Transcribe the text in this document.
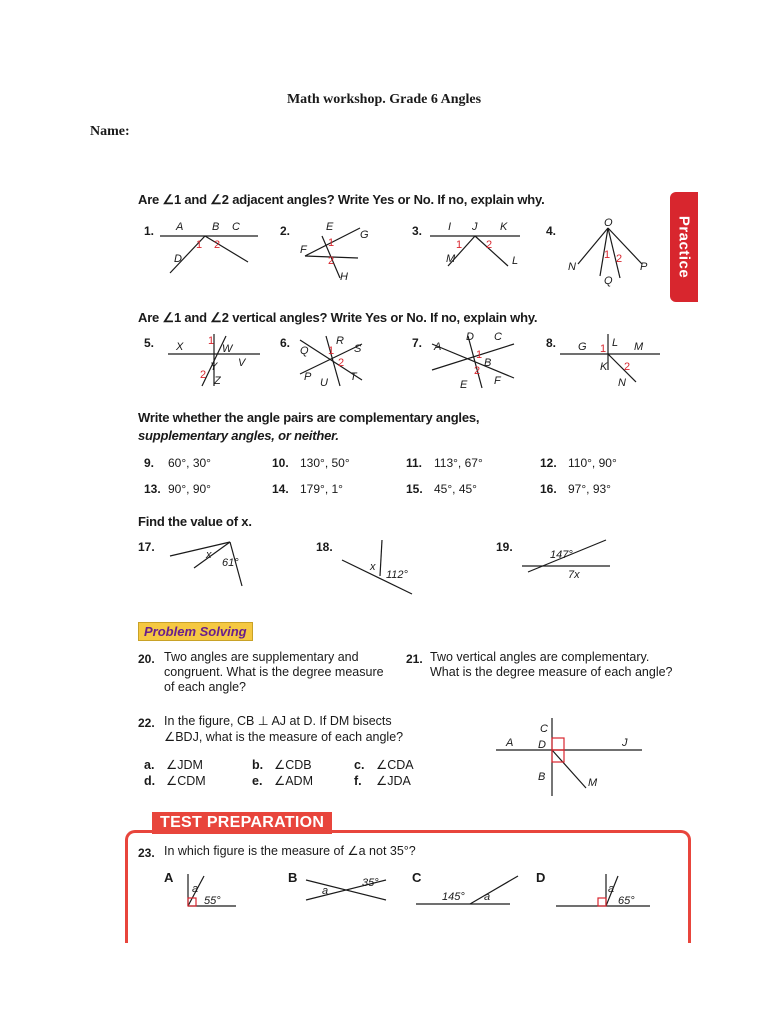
Math workshop. Grade 6 Angles
Name:
Practice
Are ∠1 and ∠2 adjacent angles? Write Yes or No. If no, explain why.
1.	2.	3.	4.
A	B C
D
1 2
E
G
F
H
1
2
I J K
M	L
1 2
O
N
Q
P
1 2
Are ∠1 and ∠2 vertical angles? Write Yes or No. If no, explain why.
5.	6.	7.	8.
X	W
V
Y
Z
1
2
Q
R
S
P U T
1
2
A
D C
B
E F
1
2
G L M
K
N
1
2
Write whether the angle pairs are complementary angles,
supplementary angles, or neither.
9. 60°, 30°	10. 130°, 50°	11. 113°, 67°	12. 110°, 90°
13. 90°, 90°	14. 179°, 1°	15. 45°, 45°	16. 97°, 93°
Find the value of x.
17.	18.	19.
x
61°	x
112°
147°
7x
Problem Solving
20. Two angles are supplementary and congruent. What is the degree measure of each angle?
21. Two vertical angles are complementary. What is the degree measure of each angle?
22. In the figure, CB ⊥ AJ at D. If DM bisects
∠BDJ, what is the measure of each angle?
a. ∠JDM	b. ∠CDB	c. ∠CDA
d. ∠CDM	e. ∠ADM	f. ∠JDA
A
C
D	J
B	M
TEST PREPARATION
23. In which figure is the measure of ∠a not 35°?
A	B	C	D
a
55°
a
35°
145° a
a
65°
